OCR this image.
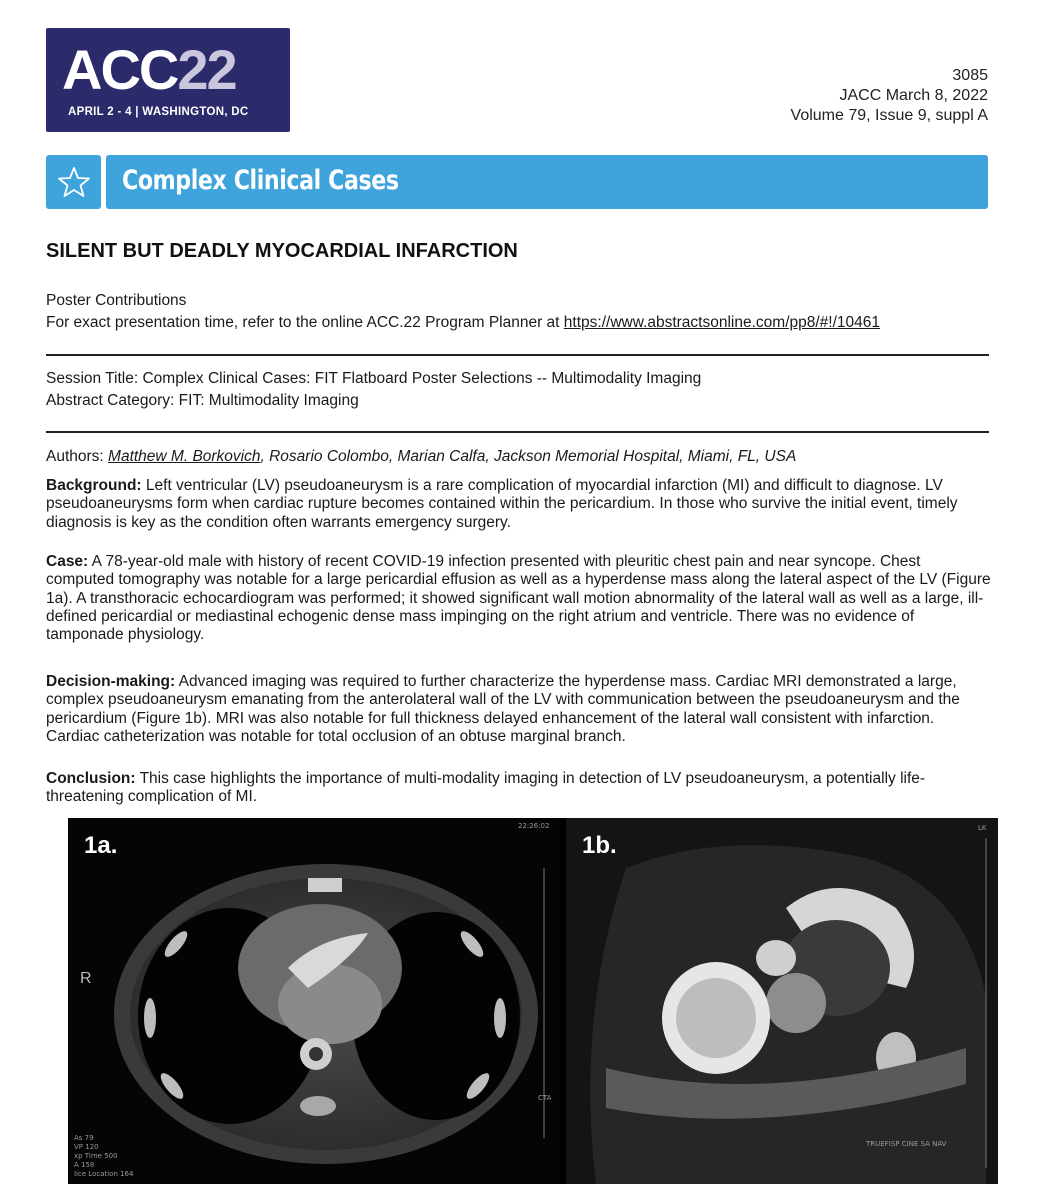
ACC22
APRIL 2 - 4 | WASHINGTON, DC
3085
JACC March 8, 2022
Volume 79, Issue 9, suppl A
Complex Clinical Cases
SILENT BUT DEADLY MYOCARDIAL INFARCTION
Poster Contributions
For exact presentation time, refer to the online ACC.22 Program Planner at https://www.abstractsonline.com/pp8/#!/10461
Session Title: Complex Clinical Cases: FIT Flatboard Poster Selections -- Multimodality Imaging
Abstract Category: FIT: Multimodality Imaging
Authors: Matthew M. Borkovich, Rosario Colombo, Marian Calfa, Jackson Memorial Hospital, Miami, FL, USA

Background: Left ventricular (LV) pseudoaneurysm is a rare complication of myocardial infarction (MI) and difficult to diagnose. LV pseudoaneurysms form when cardiac rupture becomes contained within the pericardium. In those who survive the initial event, timely diagnosis is key as the condition often warrants emergency surgery.

Case: A 78-year-old male with history of recent COVID-19 infection presented with pleuritic chest pain and near syncope. Chest computed tomography was notable for a large pericardial effusion as well as a hyperdense mass along the lateral aspect of the LV (Figure 1a). A transthoracic echocardiogram was performed; it showed significant wall motion abnormality of the lateral wall as well as a large, ill-defined pericardial or mediastinal echogenic dense mass impinging on the right atrium and ventricle. There was no evidence of tamponade physiology.

Decision-making: Advanced imaging was required to further characterize the hyperdense mass. Cardiac MRI demonstrated a large, complex pseudoaneurysm emanating from the anterolateral wall of the LV with communication between the pseudoaneurysm and the pericardium (Figure 1b). MRI was also notable for full thickness delayed enhancement of the lateral wall consistent with infarction. Cardiac catheterization was notable for total occlusion of an obtuse marginal branch.

Conclusion: This case highlights the importance of multi-modality imaging in detection of LV pseudoaneurysm, a potentially life-threatening complication of MI.

1a.
22:26:02
R
CTA
As 79
VP 120
xp Time 500
A 158
lice Location 164
1b.
LK
TRUEFISP CINE SA NAV
